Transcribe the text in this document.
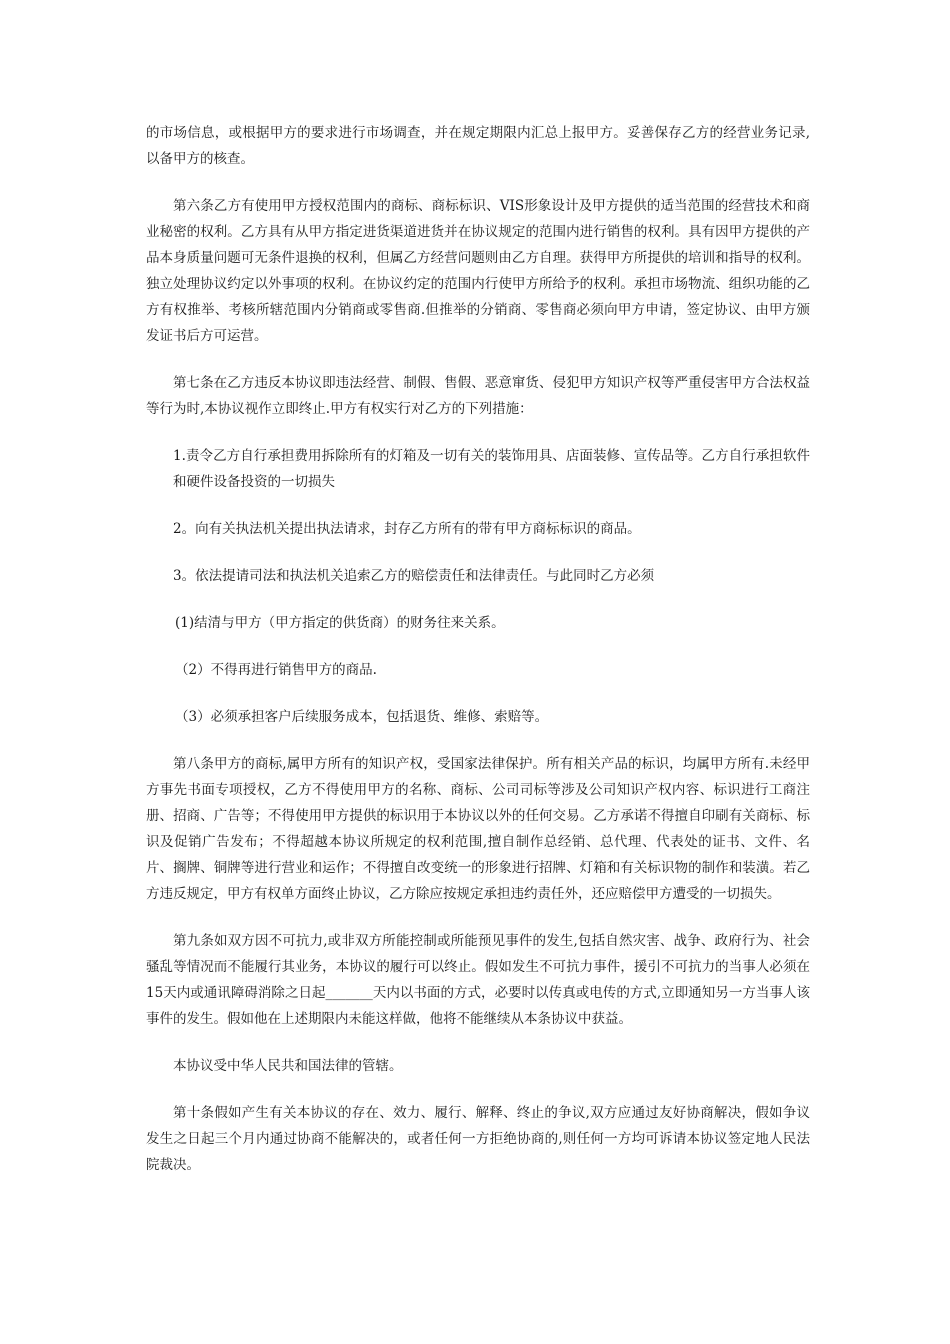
的市场信息，或根据甲方的要求进行市场调查，并在规定期限内汇总上报甲方。妥善保存乙方的经营业务记录,以备甲方的核查。

第六条乙方有使用甲方授权范围内的商标、商标标识、VIS形象设计及甲方提供的适当范围的经营技术和商业秘密的权利。乙方具有从甲方指定进货渠道进货并在协议规定的范围内进行销售的权利。具有因甲方提供的产品本身质量问题可无条件退换的权利，但属乙方经营问题则由乙方自理。获得甲方所提供的培训和指导的权利。独立处理协议约定以外事项的权利。在协议约定的范围内行使甲方所给予的权利。承担市场物流、组织功能的乙方有权推举、考核所辖范围内分销商或零售商.但推举的分销商、零售商必须向甲方申请，签定协议、由甲方颁发证书后方可运营。

第七条在乙方违反本协议即违法经营、制假、售假、恶意窜货、侵犯甲方知识产权等严重侵害甲方合法权益等行为时,本协议视作立即终止.甲方有权实行对乙方的下列措施：

1.责令乙方自行承担费用拆除所有的灯箱及一切有关的装饰用具、店面装修、宣传品等。乙方自行承担软件和硬件设备投资的一切损失

2。向有关执法机关提出执法请求，封存乙方所有的带有甲方商标标识的商品。

3。依法提请司法和执法机关追索乙方的赔偿责任和法律责任。与此同时乙方必须

(1)结清与甲方（甲方指定的供货商）的财务往来关系。

（2）不得再进行销售甲方的商品.

（3）必须承担客户后续服务成本，包括退货、维修、索赔等。

第八条甲方的商标,属甲方所有的知识产权，受国家法律保护。所有相关产品的标识，均属甲方所有.未经甲方事先书面专项授权，乙方不得使用甲方的名称、商标、公司司标等涉及公司知识产权内容、标识进行工商注册、招商、广告等；不得使用甲方提供的标识用于本协议以外的任何交易。乙方承诺不得擅自印刷有关商标、标识及促销广告发布；不得超越本协议所规定的权利范围,擅自制作总经销、总代理、代表处的证书、文件、名片、搁牌、铜牌等进行营业和运作；不得擅自改变统一的形象进行招牌、灯箱和有关标识物的制作和装潢。若乙方违反规定，甲方有权单方面终止协议，乙方除应按规定承担违约责任外，还应赔偿甲方遭受的一切损失。

第九条如双方因不可抗力,或非双方所能控制或所能预见事件的发生,包括自然灾害、战争、政府行为、社会骚乱等情况而不能履行其业务，本协议的履行可以终止。假如发生不可抗力事件，援引不可抗力的当事人必须在15天内或通讯障碍消除之日起_______天内以书面的方式，必要时以传真或电传的方式,立即通知另一方当事人该事件的发生。假如他在上述期限内未能这样做，他将不能继续从本条协议中获益。

本协议受中华人民共和国法律的管辖。

第十条假如产生有关本协议的存在、效力、履行、解释、终止的争议,双方应通过友好协商解决，假如争议发生之日起三个月内通过协商不能解决的，或者任何一方拒绝协商的,则任何一方均可诉请本协议签定地人民法院裁决。
